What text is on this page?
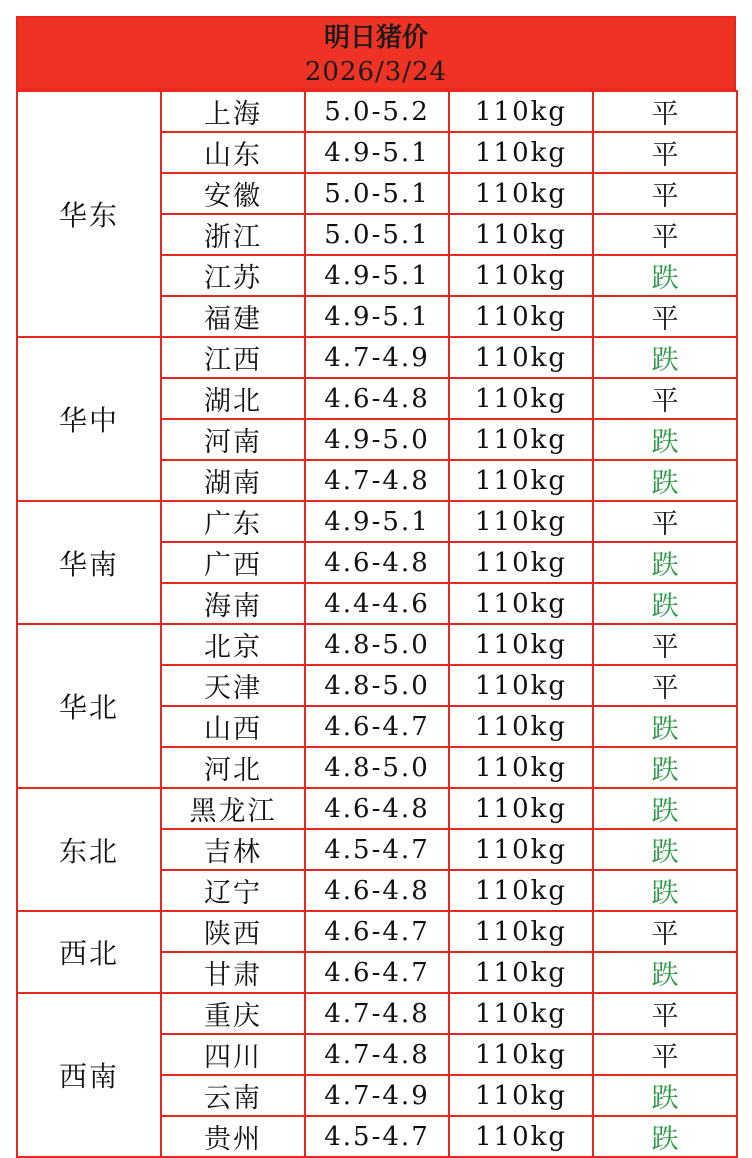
明日猪价
2026/3/24
华东	上海	5.0-5.2	110kg	平
	山东	4.9-5.1	110kg	平
	安徽	5.0-5.1	110kg	平
	浙江	5.0-5.1	110kg	平
	江苏	4.9-5.1	110kg	跌
	福建	4.9-5.1	110kg	平
华中	江西	4.7-4.9	110kg	跌
	湖北	4.6-4.8	110kg	平
	河南	4.9-5.0	110kg	跌
	湖南	4.7-4.8	110kg	跌
华南	广东	4.9-5.1	110kg	平
	广西	4.6-4.8	110kg	跌
	海南	4.4-4.6	110kg	跌
华北	北京	4.8-5.0	110kg	平
	天津	4.8-5.0	110kg	平
	山西	4.6-4.7	110kg	跌
	河北	4.8-5.0	110kg	跌
东北	黑龙江	4.6-4.8	110kg	跌
	吉林	4.5-4.7	110kg	跌
	辽宁	4.6-4.8	110kg	跌
西北	陕西	4.6-4.7	110kg	平
	甘肃	4.6-4.7	110kg	跌
西南	重庆	4.7-4.8	110kg	平
	四川	4.7-4.8	110kg	平
	云南	4.7-4.9	110kg	跌
	贵州	4.5-4.7	110kg	跌
